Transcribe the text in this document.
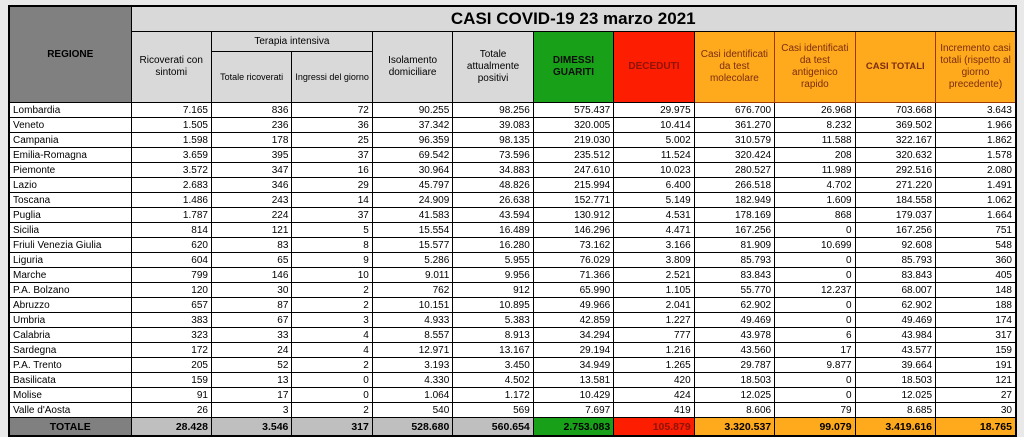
REGIONE	CASI COVID-19 23 marzo 2021										
	Ricoverati con sintomi	Terapia intensiva		Isolamento domiciliare	Totale attualmente positivi	DIMESSI GUARITI	DECEDUTI	Casi identificati da test molecolare	Casi identificati da test antigenico rapido	CASI TOTALI	Incremento casi totali (rispetto al giorno precedente)
		Totale ricoverati	Ingressi del giorno								
Lombardia	7.165	836	72	90.255	98.256	575.437	29.975	676.700	26.968	703.668	3.643
Veneto	1.505	236	36	37.342	39.083	320.005	10.414	361.270	8.232	369.502	1.966
Campania	1.598	178	25	96.359	98.135	219.030	5.002	310.579	11.588	322.167	1.862
Emilia-Romagna	3.659	395	37	69.542	73.596	235.512	11.524	320.424	208	320.632	1.578
Piemonte	3.572	347	16	30.964	34.883	247.610	10.023	280.527	11.989	292.516	2.080
Lazio	2.683	346	29	45.797	48.826	215.994	6.400	266.518	4.702	271.220	1.491
Toscana	1.486	243	14	24.909	26.638	152.771	5.149	182.949	1.609	184.558	1.062
Puglia	1.787	224	37	41.583	43.594	130.912	4.531	178.169	868	179.037	1.664
Sicilia	814	121	5	15.554	16.489	146.296	4.471	167.256	0	167.256	751
Friuli Venezia Giulia	620	83	8	15.577	16.280	73.162	3.166	81.909	10.699	92.608	548
Liguria	604	65	9	5.286	5.955	76.029	3.809	85.793	0	85.793	360
Marche	799	146	10	9.011	9.956	71.366	2.521	83.843	0	83.843	405
P.A. Bolzano	120	30	2	762	912	65.990	1.105	55.770	12.237	68.007	148
Abruzzo	657	87	2	10.151	10.895	49.966	2.041	62.902	0	62.902	188
Umbria	383	67	3	4.933	5.383	42.859	1.227	49.469	0	49.469	174
Calabria	323	33	4	8.557	8.913	34.294	777	43.978	6	43.984	317
Sardegna	172	24	4	12.971	13.167	29.194	1.216	43.560	17	43.577	159
P.A. Trento	205	52	2	3.193	3.450	34.949	1.265	29.787	9.877	39.664	191
Basilicata	159	13	0	4.330	4.502	13.581	420	18.503	0	18.503	121
Molise	91	17	0	1.064	1.172	10.429	424	12.025	0	12.025	27
Valle d'Aosta	26	3	2	540	569	7.697	419	8.606	79	8.685	30
TOTALE	28.428	3.546	317	528.680	560.654	2.753.083	105.879	3.320.537	99.079	3.419.616	18.765
